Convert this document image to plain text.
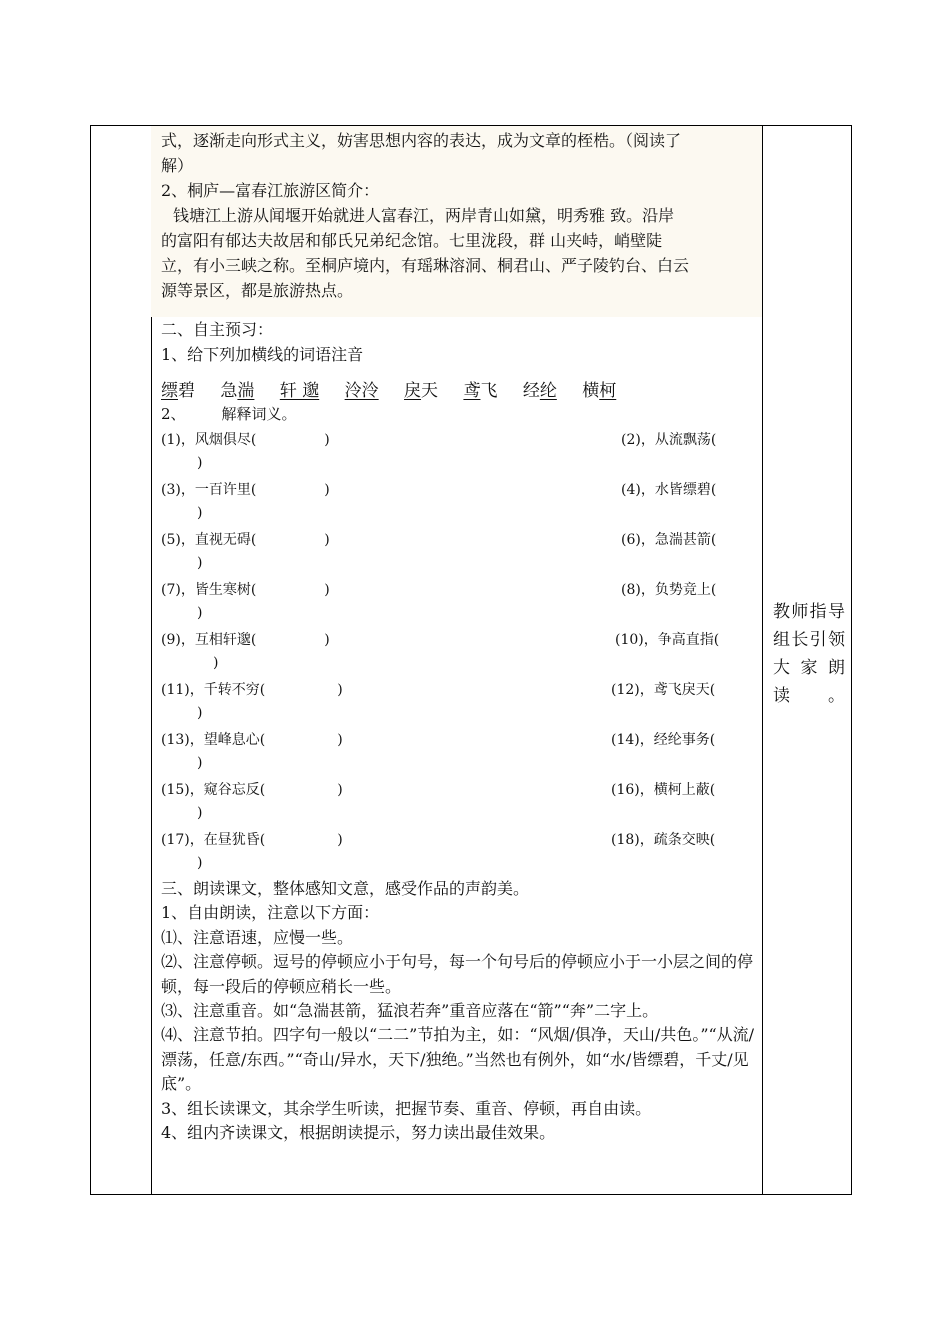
式，逐渐走向形式主义，妨害思想内容的表达，成为文章的桎梏。（阅读了
解）
2、桐庐—富春江旅游区简介：
钱塘江上游从闻堰开始就进人富春江，两岸青山如黛，明秀雅 致。沿岸
的富阳有郁达夫故居和郁氏兄弟纪念馆。七里泷段，群 山夹峙，峭壁陡
立，有小三峡之称。至桐庐境内，有瑶琳溶洞、桐君山、严子陵钓台、白云
源等景区，都是旅游热点。
二、自主预习：
1、给下列加横线的词语注音
缥碧 急湍 轩 邈 泠泠 戾天 鸢飞 经纶 横柯
2、 解释词义。
(1)，风烟俱尽(	)	(2)，从流飘荡(
)
(3)，一百许里(	)	(4)，水皆缥碧(
)
(5)，直视无碍(	)	(6)，急湍甚箭(
)
(7)，皆生寒树(	)	(8)，负势竞上(
)
(9)，互相轩邈(	)	(10)，争高直指(
)
(11)，千转不穷(	)	(12)，鸢飞戾天(
)
(13)，望峰息心(	)	(14)，经纶事务(
)
(15)，窥谷忘反(	)	(16)，横柯上蔽(
)
(17)，在昼犹昏(	)	(18)，疏条交映(
)
三、朗读课文，整体感知文意，感受作品的声韵美。
1、自由朗读，注意以下方面：
⑴、注意语速，应慢一些。
⑵、注意停顿。逗号的停顿应小于句号，每一个句号后的停顿应小于一小层之间的停顿，每一段后的停顿应稍长一些。
⑶、注意重音。如“急湍甚箭，猛浪若奔”重音应落在“箭”“奔”二字上。
⑷、注意节拍。四字句一般以“二二”节拍为主，如：“风烟/俱净，天山/共色。”“从流/漂荡，任意/东西。”“奇山/异水，天下/独绝。”当然也有例外，如“水/皆缥碧，千丈/见底”。
3、组长读课文，其余学生听读，把握节奏、重音、停顿，再自由读。
4、组内齐读课文，根据朗读提示，努力读出最佳效果。
教师指导组长引领大家朗读。
